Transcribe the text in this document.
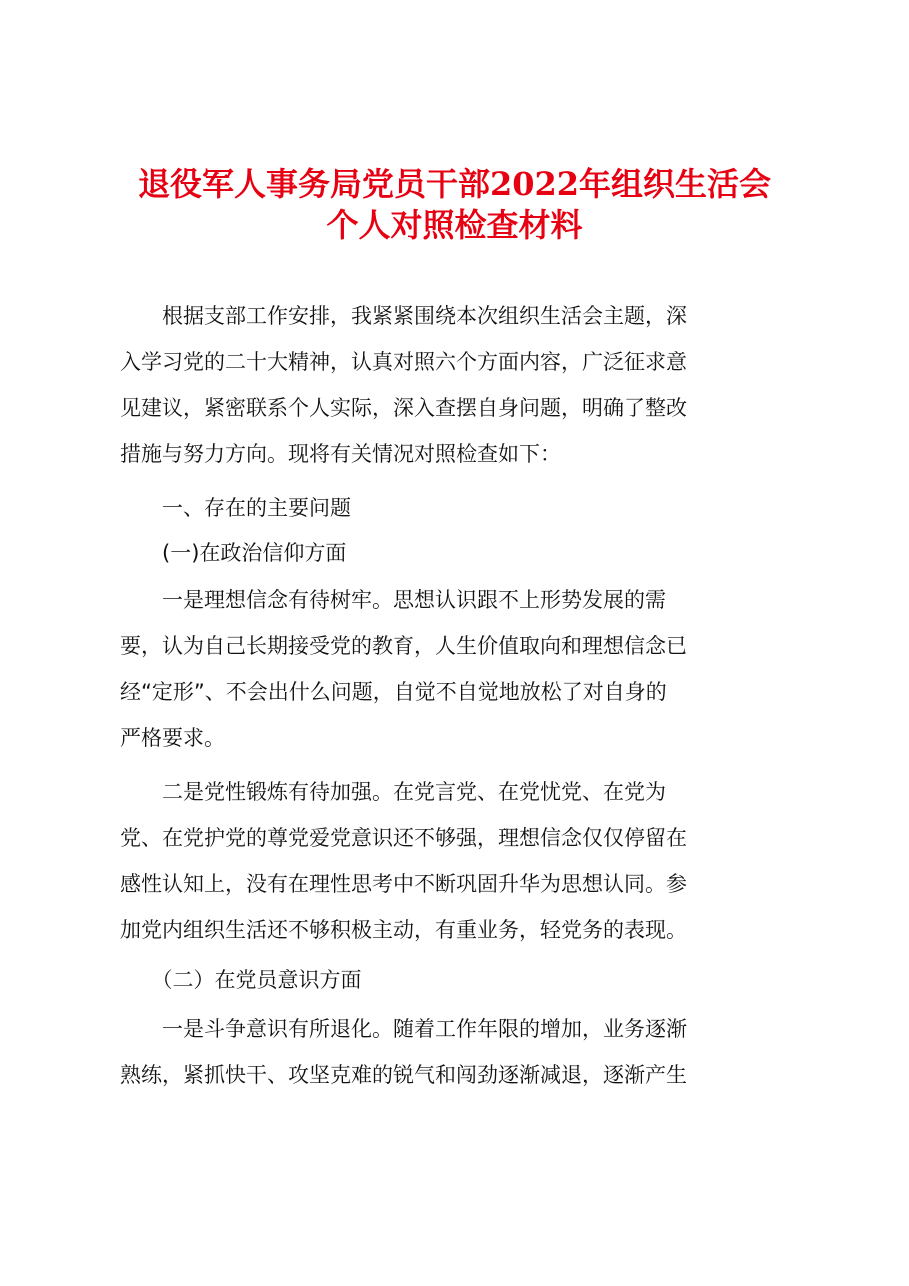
退役军人事务局党员干部2022年组织生活会
个人对照检查材料
　　根据支部工作安排，我紧紧围绕本次组织生活会主题，深
入学习党的二十大精神，认真对照六个方面内容，广泛征求意
见建议，紧密联系个人实际，深入查摆自身问题，明确了整改
措施与努力方向。现将有关情况对照检查如下：
　　一、存在的主要问题
　　(一)在政治信仰方面
　　一是理想信念有待树牢。思想认识跟不上形势发展的需
要，认为自己长期接受党的教育，人生价值取向和理想信念已
经“定形”、不会出什么问题，自觉不自觉地放松了对自身的
严格要求。
　　二是党性锻炼有待加强。在党言党、在党忧党、在党为
党、在党护党的尊党爱党意识还不够强，理想信念仅仅停留在
感性认知上，没有在理性思考中不断巩固升华为思想认同。参
加党内组织生活还不够积极主动，有重业务，轻党务的表现。
　　（二）在党员意识方面
　　一是斗争意识有所退化。随着工作年限的增加，业务逐渐
熟练，紧抓快干、攻坚克难的锐气和闯劲逐渐减退，逐渐产生
